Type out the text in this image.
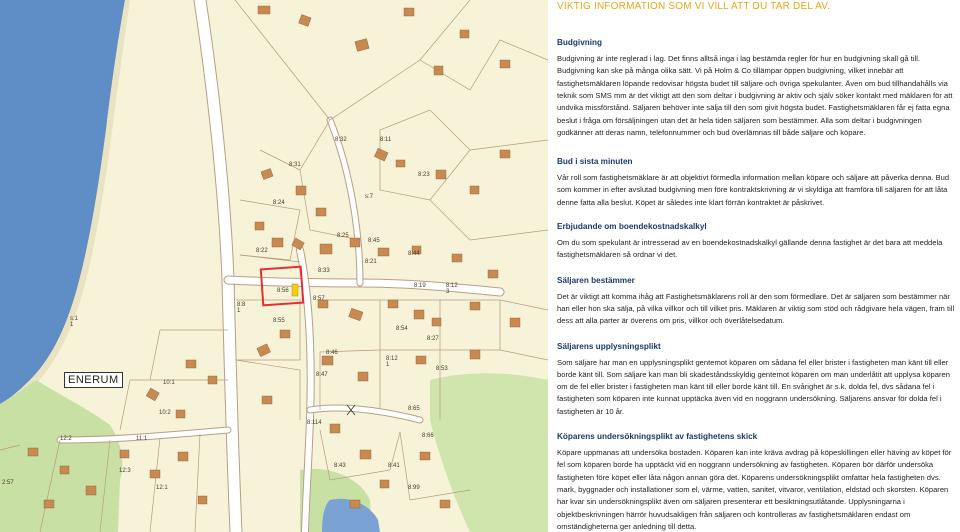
8:32	8:11
8:31
8:23
8:24
s:7
8:25
8:45
8:22	8:44
8:21
8:33
8:19	8:12
3
8:56
8:57
8:8
1
8:55
8:54
8:27
8:46
8:12
1
8:47
8:53
10:1
8:65
10:2
8:114
8:66
12:2	11:1
8:43
12:3
8:41
12:1	8:99
2:57
s:1
1
ENERUM
VIKTIG INFORMATION SOM VI VILL ATT DU TAR DEL AV.
Budgivning

Budgivning är inte reglerad i lag. Det finns alltså inga i lag bestämda regler för hur en budgivning skall gå till. Budgivning kan ske på många olika sätt. Vi på Holm & Co tillämpar öppen budgivning, vilket innebär att fastighetsmäklaren löpande redovisar högsta budet till säljare och övriga spekulanter. Även om bud tillhandahålls via teknik som SMS mm är det viktigt att den som deltar i budgivning är aktiv och själv söker kontakt med mäklaren för att undvika missförstånd. Säljaren behöver inte sälja till den som givit högsta budet. Fastighetsmäklaren får ej fatta egna beslut i fråga om försäljningen utan det är hela tiden säljaren som bestämmer. Alla som deltar i budgivningen godkänner att deras namn, telefonnummer och bud överlämnas till både säljare och köpare.

Bud i sista minuten

Vår roll som fastighetsmäklare är att objektivt förmedla information mellan köpare och säljare att påverka denna. Bud som kommer in efter avslutad budgivning men före kontraktskrivning är vi skyldiga att framföra till säljaren för att låta denne fatta alla beslut. Köpet är således inte klart förrän kontraktet är påskrivet.

Erbjudande om boendekostnadskalkyl

Om du som spekulant är intresserad av en boendekostnadskalkyl gällande denna fastighet är det bara att meddela fastighetsmäklaren så ordnar vi det.

Säljaren bestämmer

Det är viktigt att komma ihåg att Fastighetsmäklarens roll är den som förmedlare. Det är säljaren som bestämmer när han eller hon ska sälja, på vilka villkor och till vilket pris. Mäklaren är viktig som stöd och rådgivare hela vägen, fram till dess att alla parter är överens om pris, villkor och överlåtelsedatum.

Säljarens upplysningsplikt

Som säljare har man en upplysningsplikt gentemot köparen om sådana fel eller brister i fastigheten man känt till eller borde känt till. Som säljare kan man bli skadeståndsskyldig gentemot köparen om man underlåtit att upplysa köparen om de fel eller brister i fastigheten man känt till eller borde känt till. En svårighet är s.k. dolda fel, dvs sådana fel i fastigheten som köparen inte kunnat upptäcka även vid en noggrann undersökning. Säljarens ansvar för dolda fel i fastigheten är 10 år.

Köparens undersökningsplikt av fastighetens skick

Köpare uppmanas att undersöka bostaden. Köparen kan inte kräva avdrag på köpeskillingen eller häving av köpet för fel som köparen borde ha upptäckt vid en noggrann undersökning av fastigheten. Köparen bör därför undersöka fastigheten före köpet eller låta någon annan göra det. Köparens undersökningsplikt omfattar hela fastigheten dvs. mark, byggnader och installationer som el, värme, vatten, sanitet, vitvaror, ventilation, eldstad och skorsten. Köparen har kvar sin undersökningsplikt även om säljaren presenterar ett besiktningsutlåtande. Upplysningarna i objektbeskrivningen härrör huvudsakligen från säljaren och kontrolleras av fastighetsmäklaren endast om omständigheterna ger anledning till detta.
